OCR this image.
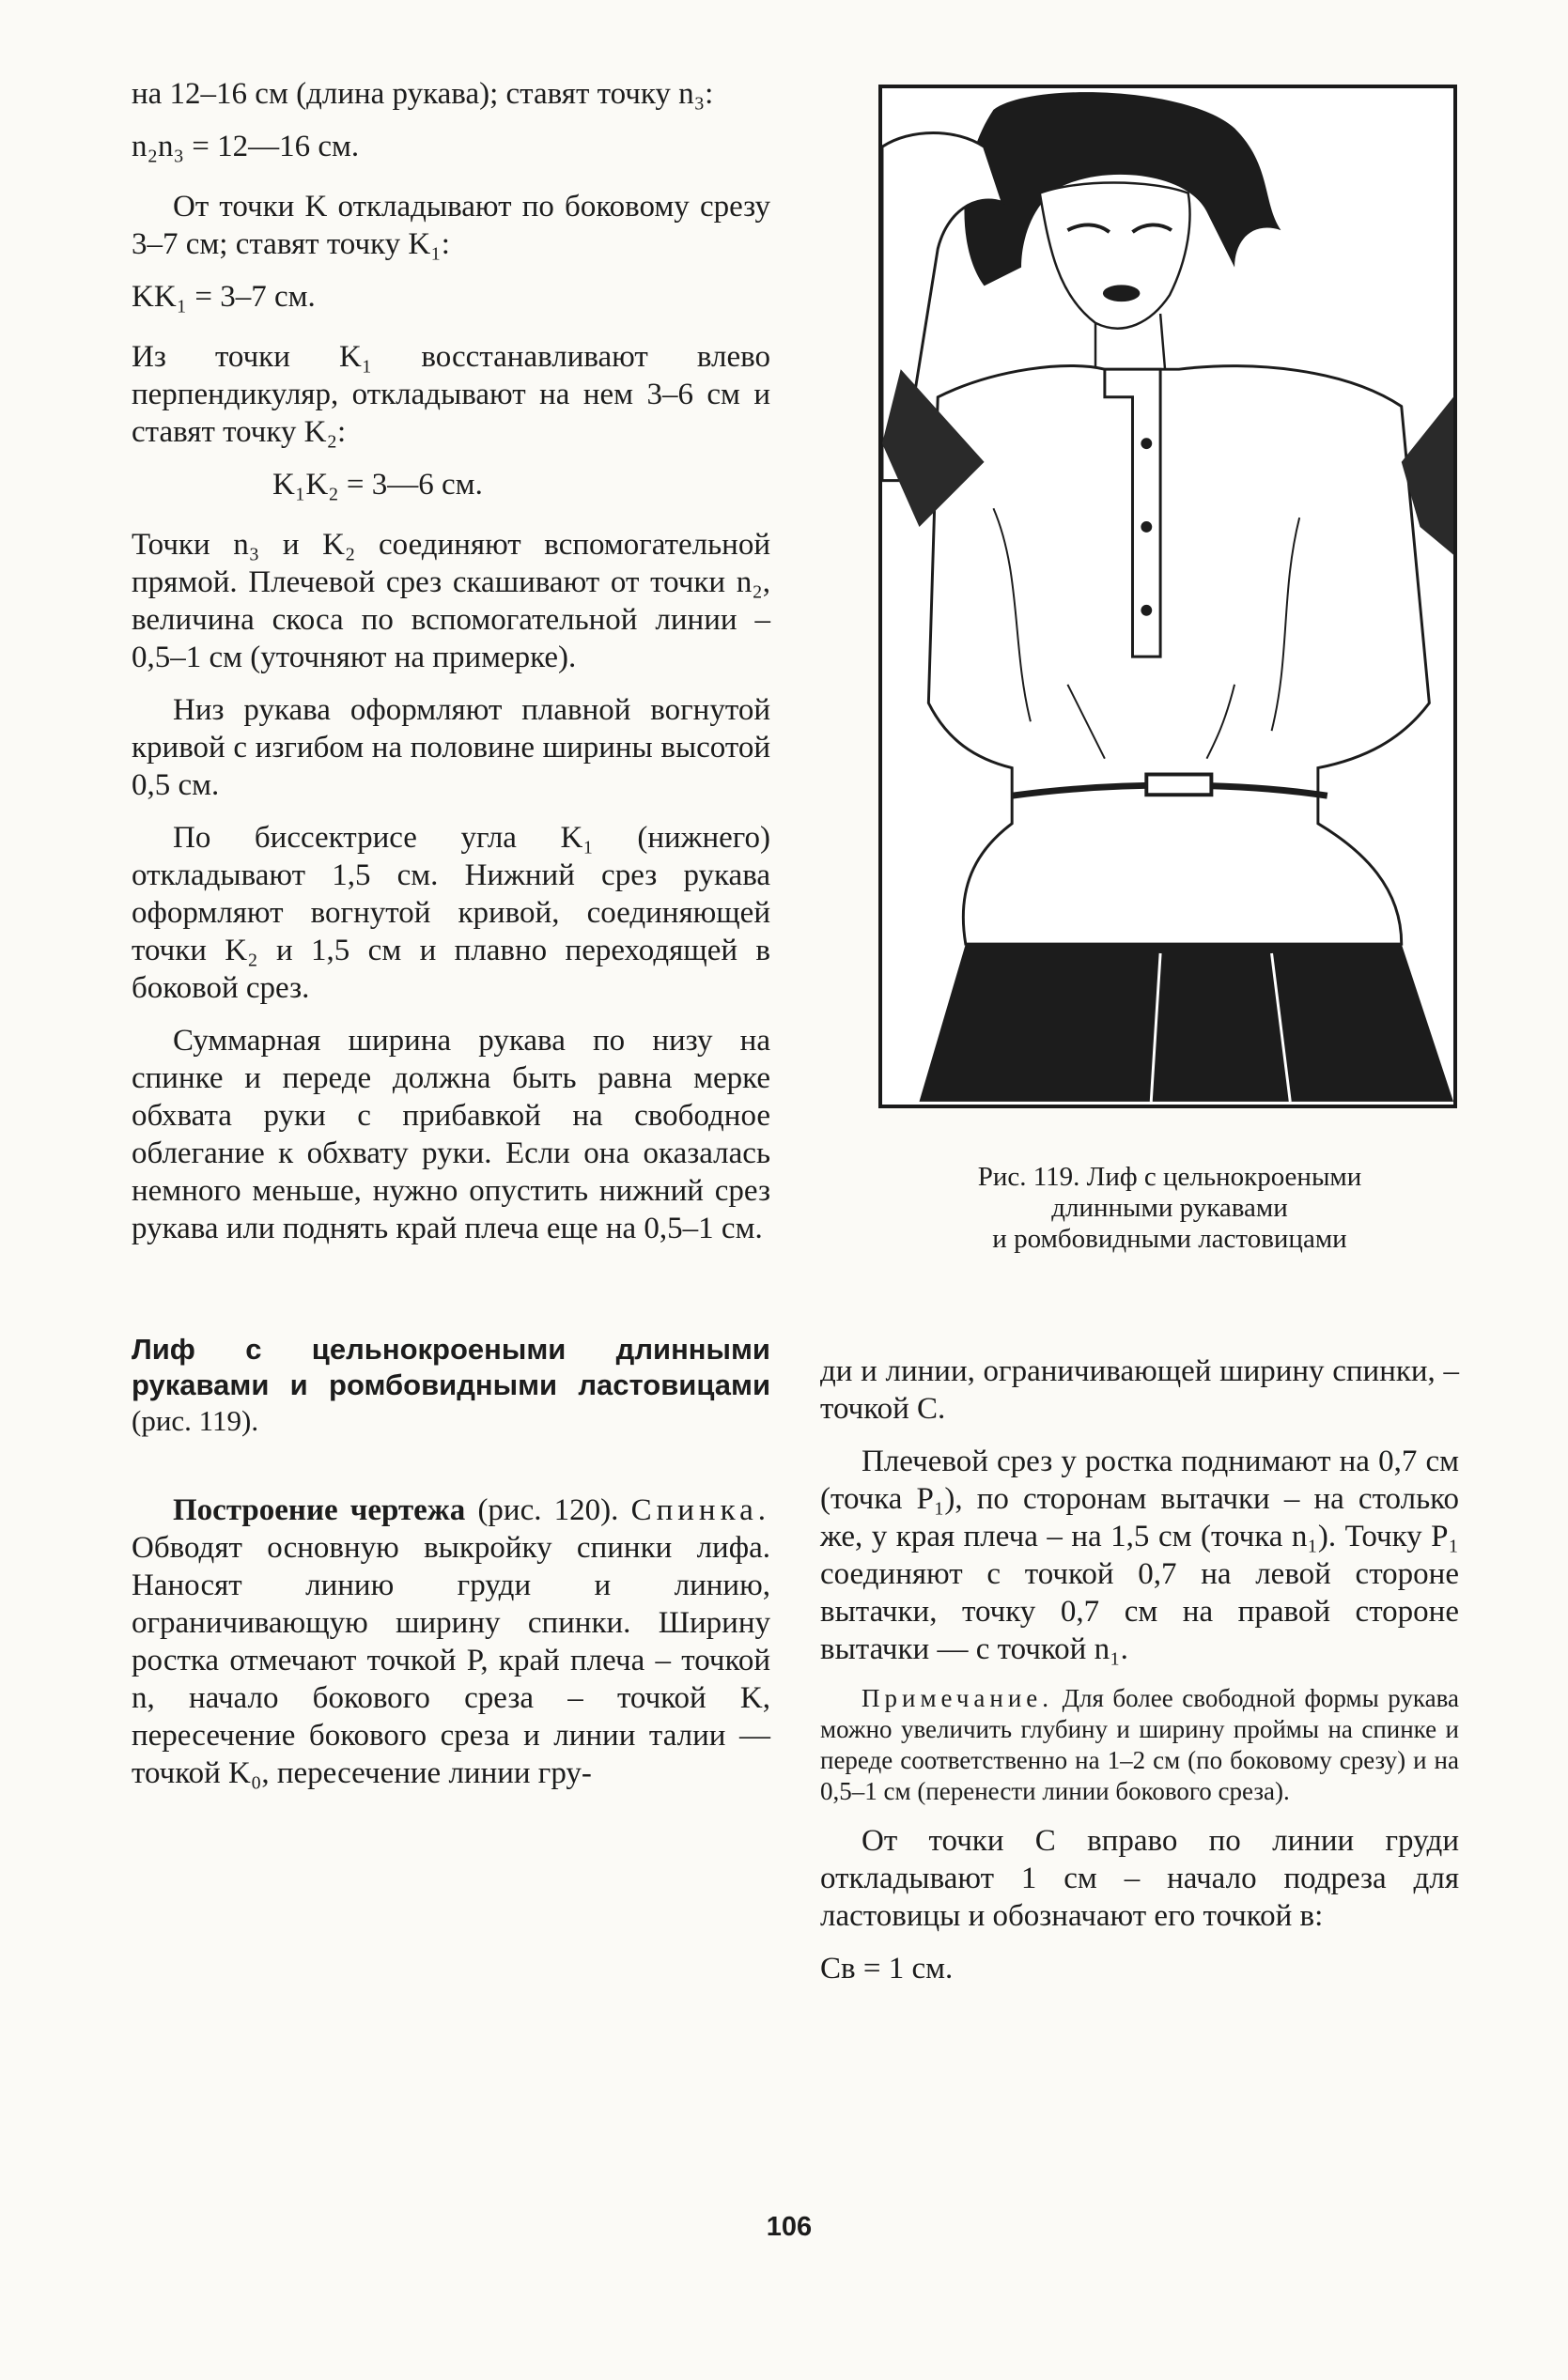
на 12–16 см (длина рукава); ставят точку n₃:

n₂n₃ = 12—16 см.

От точки K откладывают по боковому срезу 3–7 см; ставят точку K₁:

KK₁ = 3–7 см.

Из точки K₁ восстанавливают влево перпендикуляр, откладывают на нем 3–6 см и ставят точку K₂:

K₁K₂ = 3—6 см.

Точки n₃ и K₂ соединяют вспомогательной прямой. Плечевой срез скашивают от точки n₂, величина скоса по вспомогательной линии – 0,5–1 см (уточняют на примерке).

Низ рукава оформляют плавной вогнутой кривой с изгибом на половине ширины высотой 0,5 см.

По биссектрисе угла K₁ (нижнего) откладывают 1,5 см. Нижний срез рукава оформляют вогнутой кривой, соединяющей точки K₂ и 1,5 см и плавно переходящей в боковой срез.

Суммарная ширина рукава по низу на спинке и переде должна быть равна мерке обхвата руки с прибавкой на свободное облегание к обхвату руки. Если она оказалась немного меньше, нужно опустить нижний срез рукава или поднять край плеча еще на 0,5–1 см.

Лиф с цельнокроеными длинными рукавами и ромбовидными ластовицами (рис. 119).

Построение чертежа (рис. 120). Спинка. Обводят основную выкройку спинки лифа. Наносят линию груди и линию, ограничивающую ширину спинки. Ширину ростка отмечают точкой P, край плеча – точкой n, начало бокового среза – точкой K, пересечение бокового среза и линии талии — точкой K₀, пересечение линии гру-

Рис. 119. Лиф с цельнокроеными
длинными рукавами
и ромбовидными ластовицами

ди и линии, ограничивающей ширину спинки, – точкой C.

Плечевой срез у ростка поднимают на 0,7 см (точка P₁), по сторонам вытачки – на столько же, у края плеча – на 1,5 см (точка n₁). Точку P₁ соединяют с точкой 0,7 на левой стороне вытачки, точку 0,7 см на правой стороне вытачки — с точкой n₁.

Примечание. Для более свободной формы рукава можно увеличить глубину и ширину проймы на спинке и переде соответственно на 1–2 см (по боковому срезу) и на 0,5–1 см (перенести линии бокового среза).

От точки C вправо по линии груди откладывают 1 см – начало подреза для ластовицы и обозначают его точкой в:

Cв = 1 см.

106
